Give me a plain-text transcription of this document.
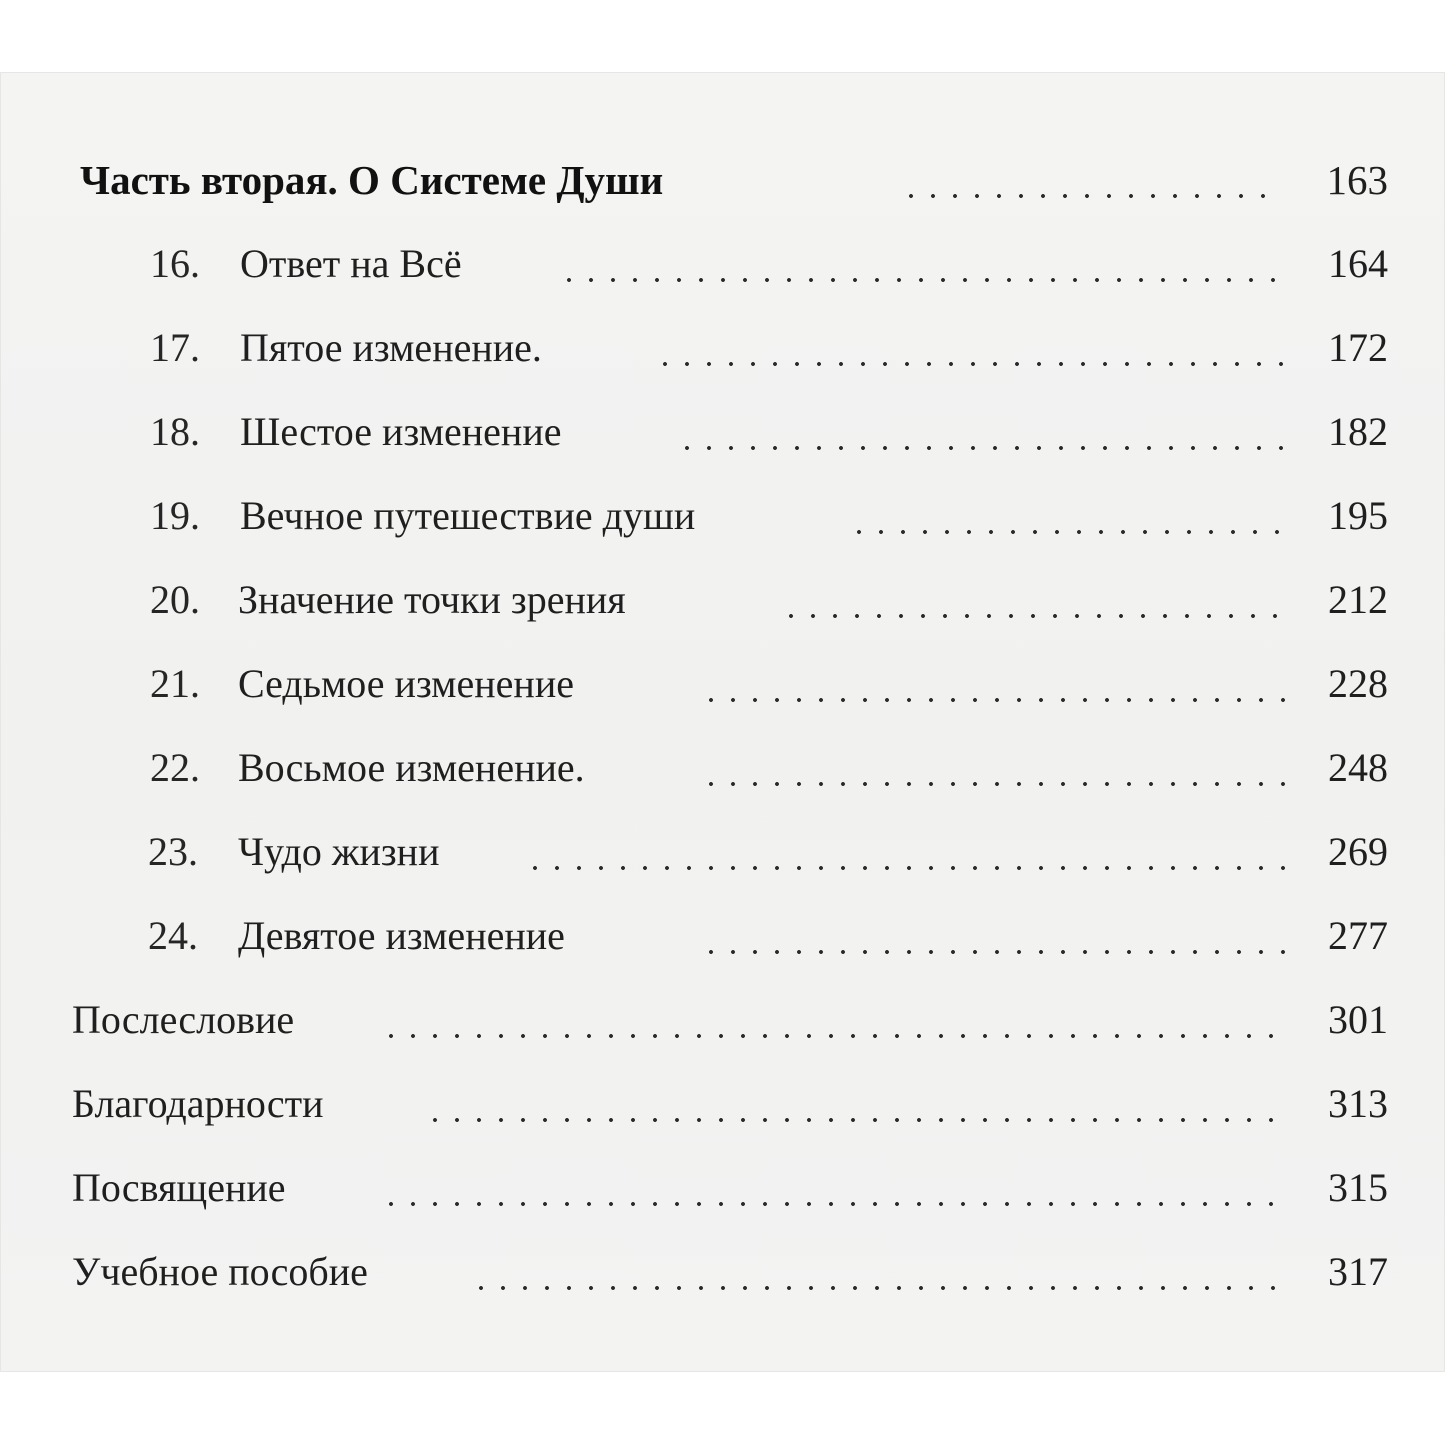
Часть вторая. О Системе Души	163
16. Ответ на Всё	164
17. Пятое изменение.	172
18. Шестое изменение	182
19. Вечное путешествие души	195
20. Значение точки зрения	212
21. Седьмое изменение	228
22. Восьмое изменение.	248
23. Чудо жизни	269
24. Девятое изменение	277
Послесловие	301
Благодарности	313
Посвящение	315
Учебное пособие	317
